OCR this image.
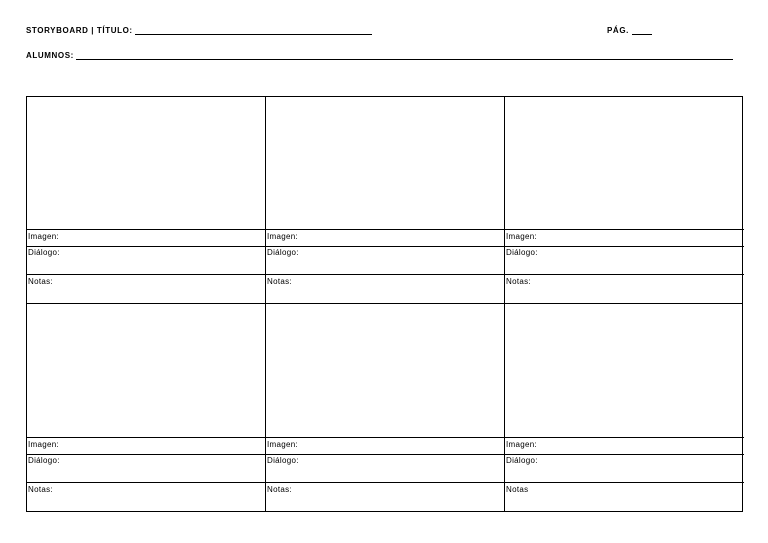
STORYBOARD | TÍTULO:	PÁG.
ALUMNOS:
Imagen:
Diálogo:
Notas:
Imagen:
Diálogo:
Notas:
Imagen:
Diálogo:
Notas:
Imagen:
Diálogo:
Notas:
Imagen:
Diálogo:
Notas:
Imagen:
Diálogo:
Notas
